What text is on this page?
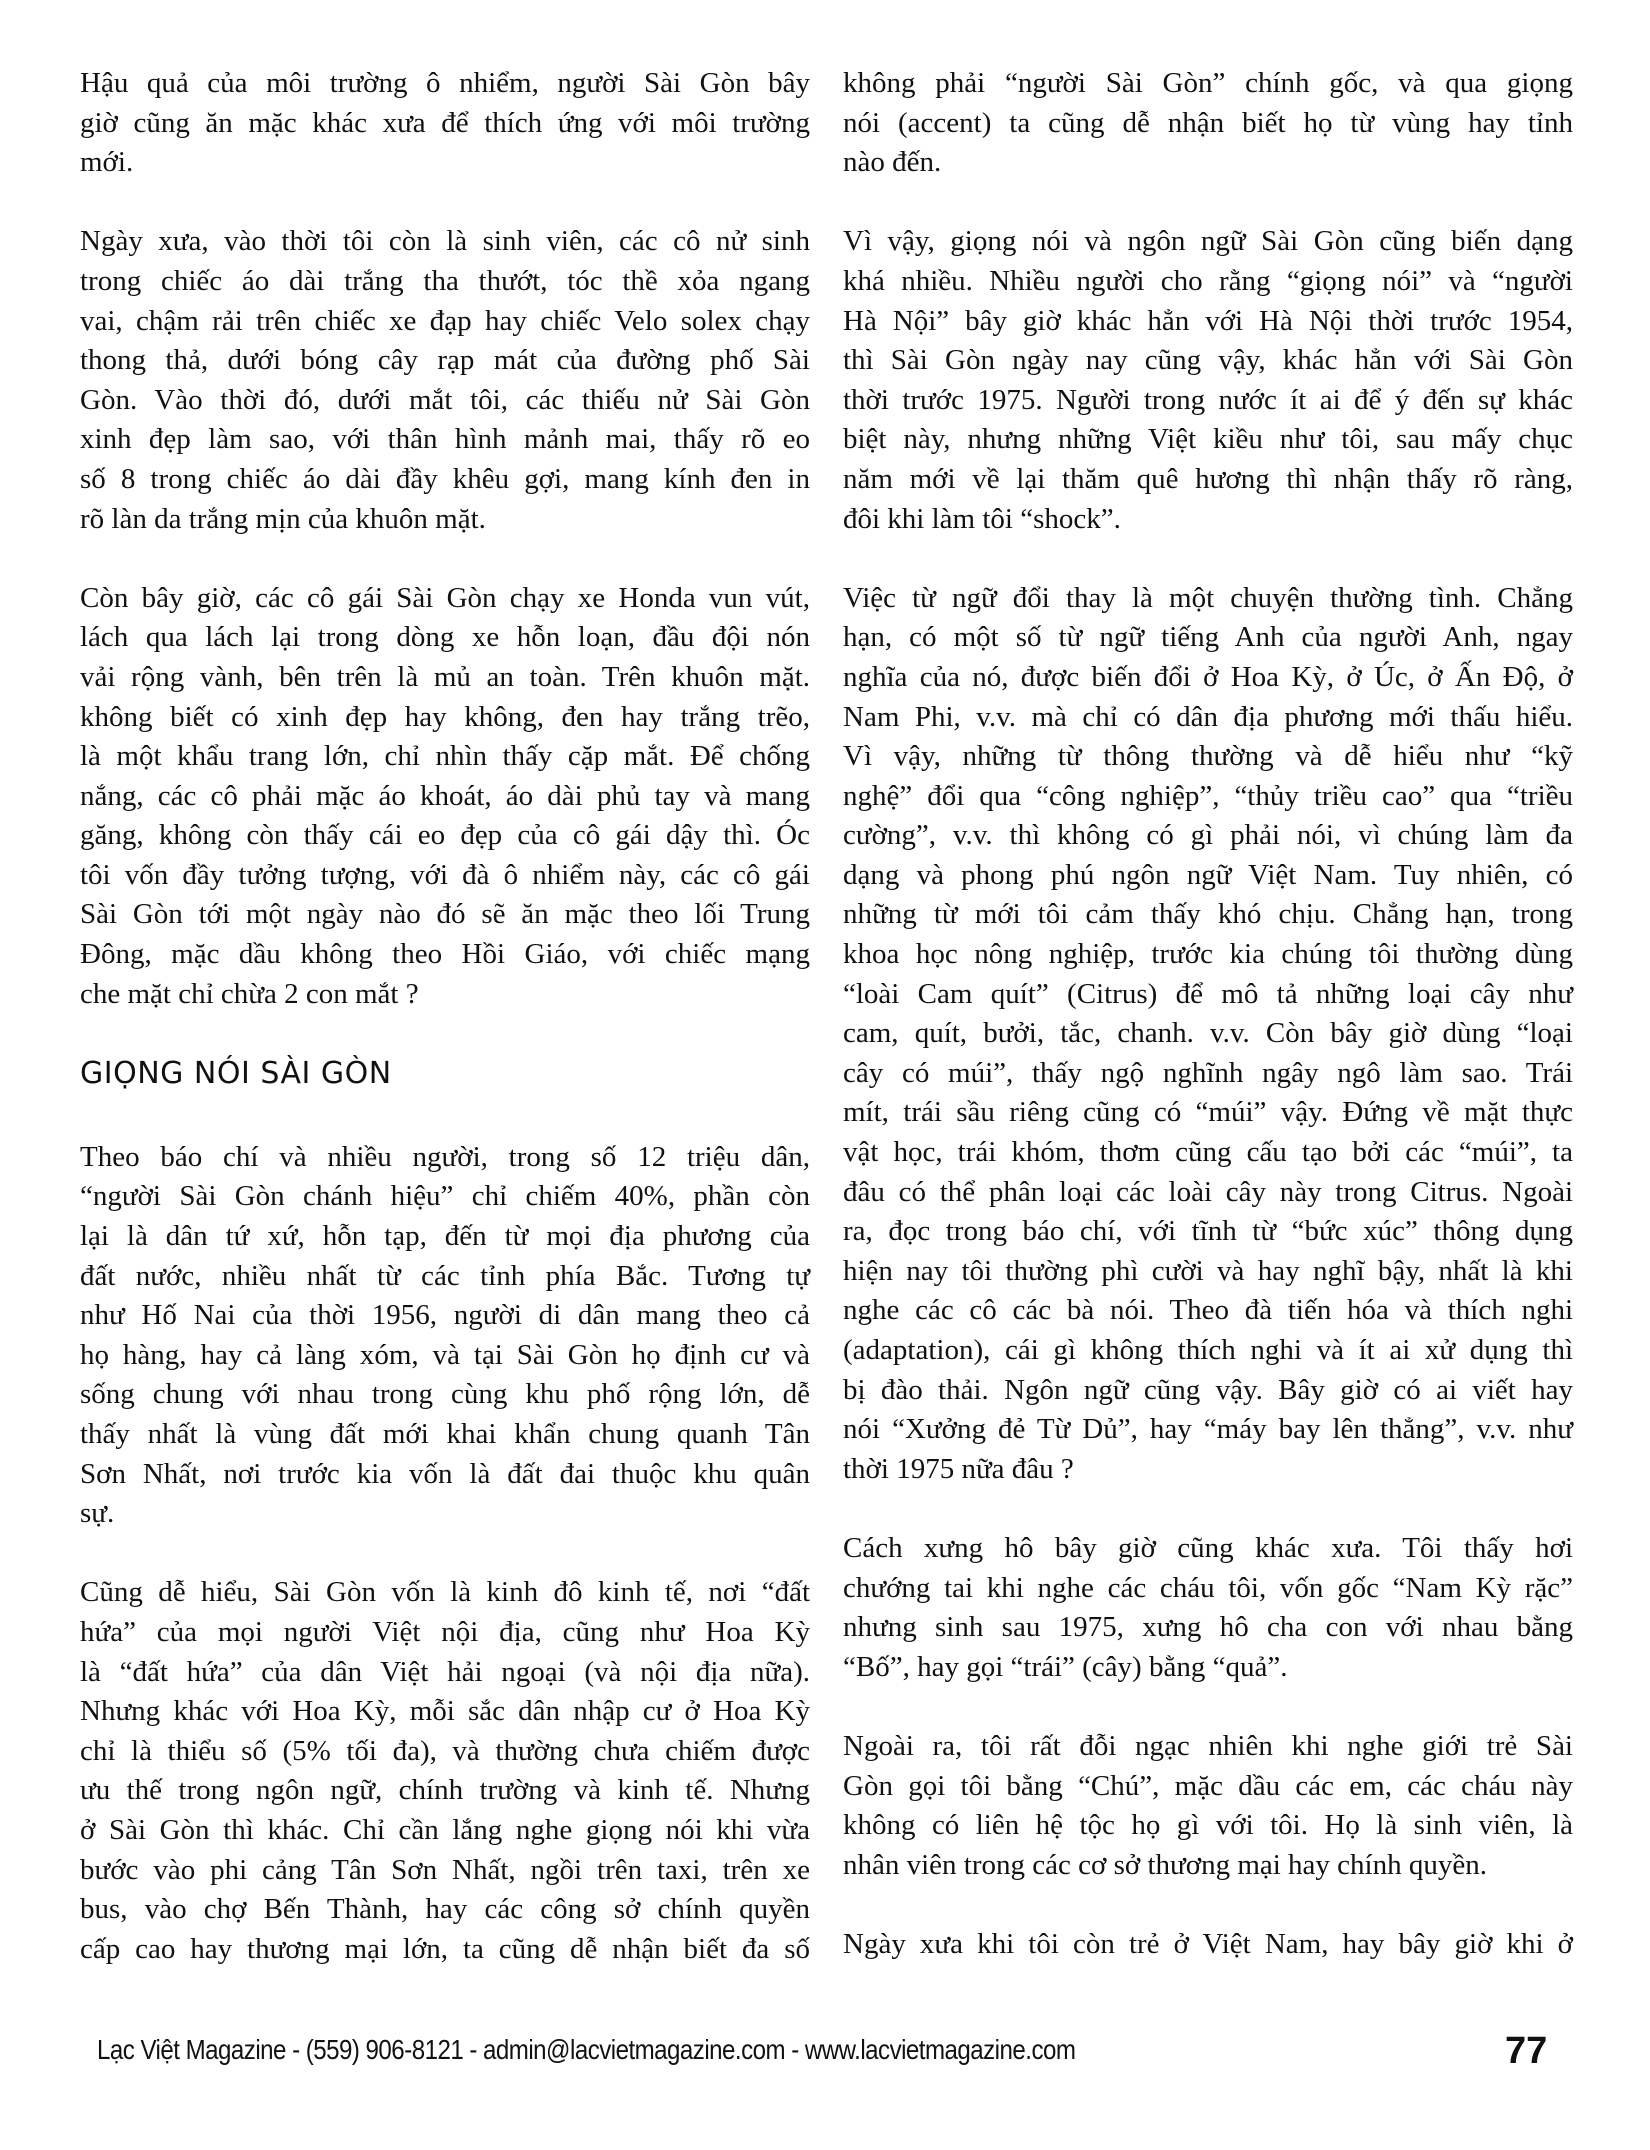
Hậu quả của môi trường ô nhiểm, người Sài Gòn bây
giờ cũng ăn mặc khác xưa để thích ứng với môi trường
mới.

Ngày xưa, vào thời tôi còn là sinh viên, các cô nử sinh
trong chiếc áo dài trắng tha thướt, tóc thề xỏa ngang
vai, chậm rải trên chiếc xe đạp hay chiếc Velo solex chạy
thong thả, dưới bóng cây rạp mát của đường phố Sài
Gòn. Vào thời đó, dưới mắt tôi, các thiếu nử Sài Gòn
xinh đẹp làm sao, với thân hình mảnh mai, thấy rõ eo
số 8 trong chiếc áo dài đầy khêu gợi, mang kính đen in
rõ làn da trắng mịn của khuôn mặt.

Còn bây giờ, các cô gái Sài Gòn chạy xe Honda vun vút,
lách qua lách lại trong dòng xe hỗn loạn, đầu đội nón
vải rộng vành, bên trên là mủ an toàn. Trên khuôn mặt.
không biết có xinh đẹp hay không, đen hay trắng trẽo,
là một khẩu trang lớn, chỉ nhìn thấy cặp mắt. Để chống
nắng, các cô phải mặc áo khoát, áo dài phủ tay và mang
găng, không còn thấy cái eo đẹp của cô gái dậy thì. Óc
tôi vốn đầy tưởng tượng, với đà ô nhiểm này, các cô gái
Sài Gòn tới một ngày nào đó sẽ ăn mặc theo lối Trung
Đông, mặc dầu không theo Hồi Giáo, với chiếc mạng
che mặt chỉ chừa 2 con mắt ?

GIỌNG NÓI SÀI GÒN

Theo báo chí và nhiều người, trong số 12 triệu dân,
“người Sài Gòn chánh hiệu” chỉ chiếm 40%, phần còn
lại là dân tứ xứ, hỗn tạp, đến từ mọi địa phương của
đất nước, nhiều nhất từ các tỉnh phía Bắc. Tương tự
như Hố Nai của thời 1956, người di dân mang theo cả
họ hàng, hay cả làng xóm, và tại Sài Gòn họ định cư và
sống chung với nhau trong cùng khu phố rộng lớn, dễ
thấy nhất là vùng đất mới khai khẩn chung quanh Tân
Sơn Nhất, nơi trước kia vốn là đất đai thuộc khu quân
sự.

Cũng dễ hiểu, Sài Gòn vốn là kinh đô kinh tế, nơi “đất
hứa” của mọi người Việt nội địa, cũng như Hoa Kỳ
là “đất hứa” của dân Việt hải ngoại (và nội địa nữa).
Nhưng khác với Hoa Kỳ, mỗi sắc dân nhập cư ở Hoa Kỳ
chỉ là thiểu số (5% tối đa), và thường chưa chiếm được
ưu thế trong ngôn ngữ, chính trường và kinh tế. Nhưng
ở Sài Gòn thì khác. Chỉ cần lắng nghe giọng nói khi vừa
bước vào phi cảng Tân Sơn Nhất, ngồi trên taxi, trên xe
bus, vào chợ Bến Thành, hay các công sở chính quyền
cấp cao hay thương mại lớn, ta cũng dễ nhận biết đa số

không phải “người Sài Gòn” chính gốc, và qua giọng
nói (accent) ta cũng dễ nhận biết họ từ vùng hay tỉnh
nào đến.

Vì vậy, giọng nói và ngôn ngữ Sài Gòn cũng biến dạng
khá nhiều. Nhiều người cho rằng “giọng nói” và “người
Hà Nội” bây giờ khác hẳn với Hà Nội thời trước 1954,
thì Sài Gòn ngày nay cũng vậy, khác hẳn với Sài Gòn
thời trước 1975. Người trong nước ít ai để ý đến sự khác
biệt này, nhưng những Việt kiều như tôi, sau mấy chục
năm mới về lại thăm quê hương thì nhận thấy rõ ràng,
đôi khi làm tôi “shock”.

Việc từ ngữ đổi thay là một chuyện thường tình. Chẳng
hạn, có một số từ ngữ tiếng Anh của người Anh, ngay
nghĩa của nó, được biến đổi ở Hoa Kỳ, ở Úc, ở Ấn Độ, ở
Nam Phi, v.v. mà chỉ có dân địa phương mới thấu hiểu.
Vì vậy, những từ thông thường và dễ hiểu như “kỹ
nghệ” đổi qua “công nghiệp”, “thủy triều cao” qua “triều
cường”, v.v. thì không có gì phải nói, vì chúng làm đa
dạng và phong phú ngôn ngữ Việt Nam. Tuy nhiên, có
những từ mới tôi cảm thấy khó chịu. Chẳng hạn, trong
khoa học nông nghiệp, trước kia chúng tôi thường dùng
“loài Cam quít” (Citrus) để mô tả những loại cây như
cam, quít, bưởi, tắc, chanh. v.v. Còn bây giờ dùng “loại
cây có múi”, thấy ngộ nghĩnh ngây ngô làm sao. Trái
mít, trái sầu riêng cũng có “múi” vậy. Đứng về mặt thực
vật học, trái khóm, thơm cũng cấu tạo bởi các “múi”, ta
đâu có thể phân loại các loài cây này trong Citrus. Ngoài
ra, đọc trong báo chí, với tĩnh từ “bức xúc” thông dụng
hiện nay tôi thường phì cười và hay nghĩ bậy, nhất là khi
nghe các cô các bà nói. Theo đà tiến hóa và thích nghi
(adaptation), cái gì không thích nghi và ít ai xử dụng thì
bị đào thải. Ngôn ngữ cũng vậy. Bây giờ có ai viết hay
nói “Xưởng đẻ Từ Dủ”, hay “máy bay lên thẳng”, v.v. như
thời 1975 nữa đâu ?

Cách xưng hô bây giờ cũng khác xưa. Tôi thấy hơi
chướng tai khi nghe các cháu tôi, vốn gốc “Nam Kỳ rặc”
nhưng sinh sau 1975, xưng hô cha con với nhau bằng
“Bố”, hay gọi “trái” (cây) bằng “quả”.

Ngoài ra, tôi rất đỗi ngạc nhiên khi nghe giới trẻ Sài
Gòn gọi tôi bằng “Chú”, mặc dầu các em, các cháu này
không có liên hệ tộc họ gì với tôi. Họ là sinh viên, là
nhân viên trong các cơ sở thương mại hay chính quyền.

Ngày xưa khi tôi còn trẻ ở Việt Nam, hay bây giờ khi ở

Lạc Việt Magazine - (559) 906-8121 - admin@lacvietmagazine.com - www.lacvietmagazine.com	77
